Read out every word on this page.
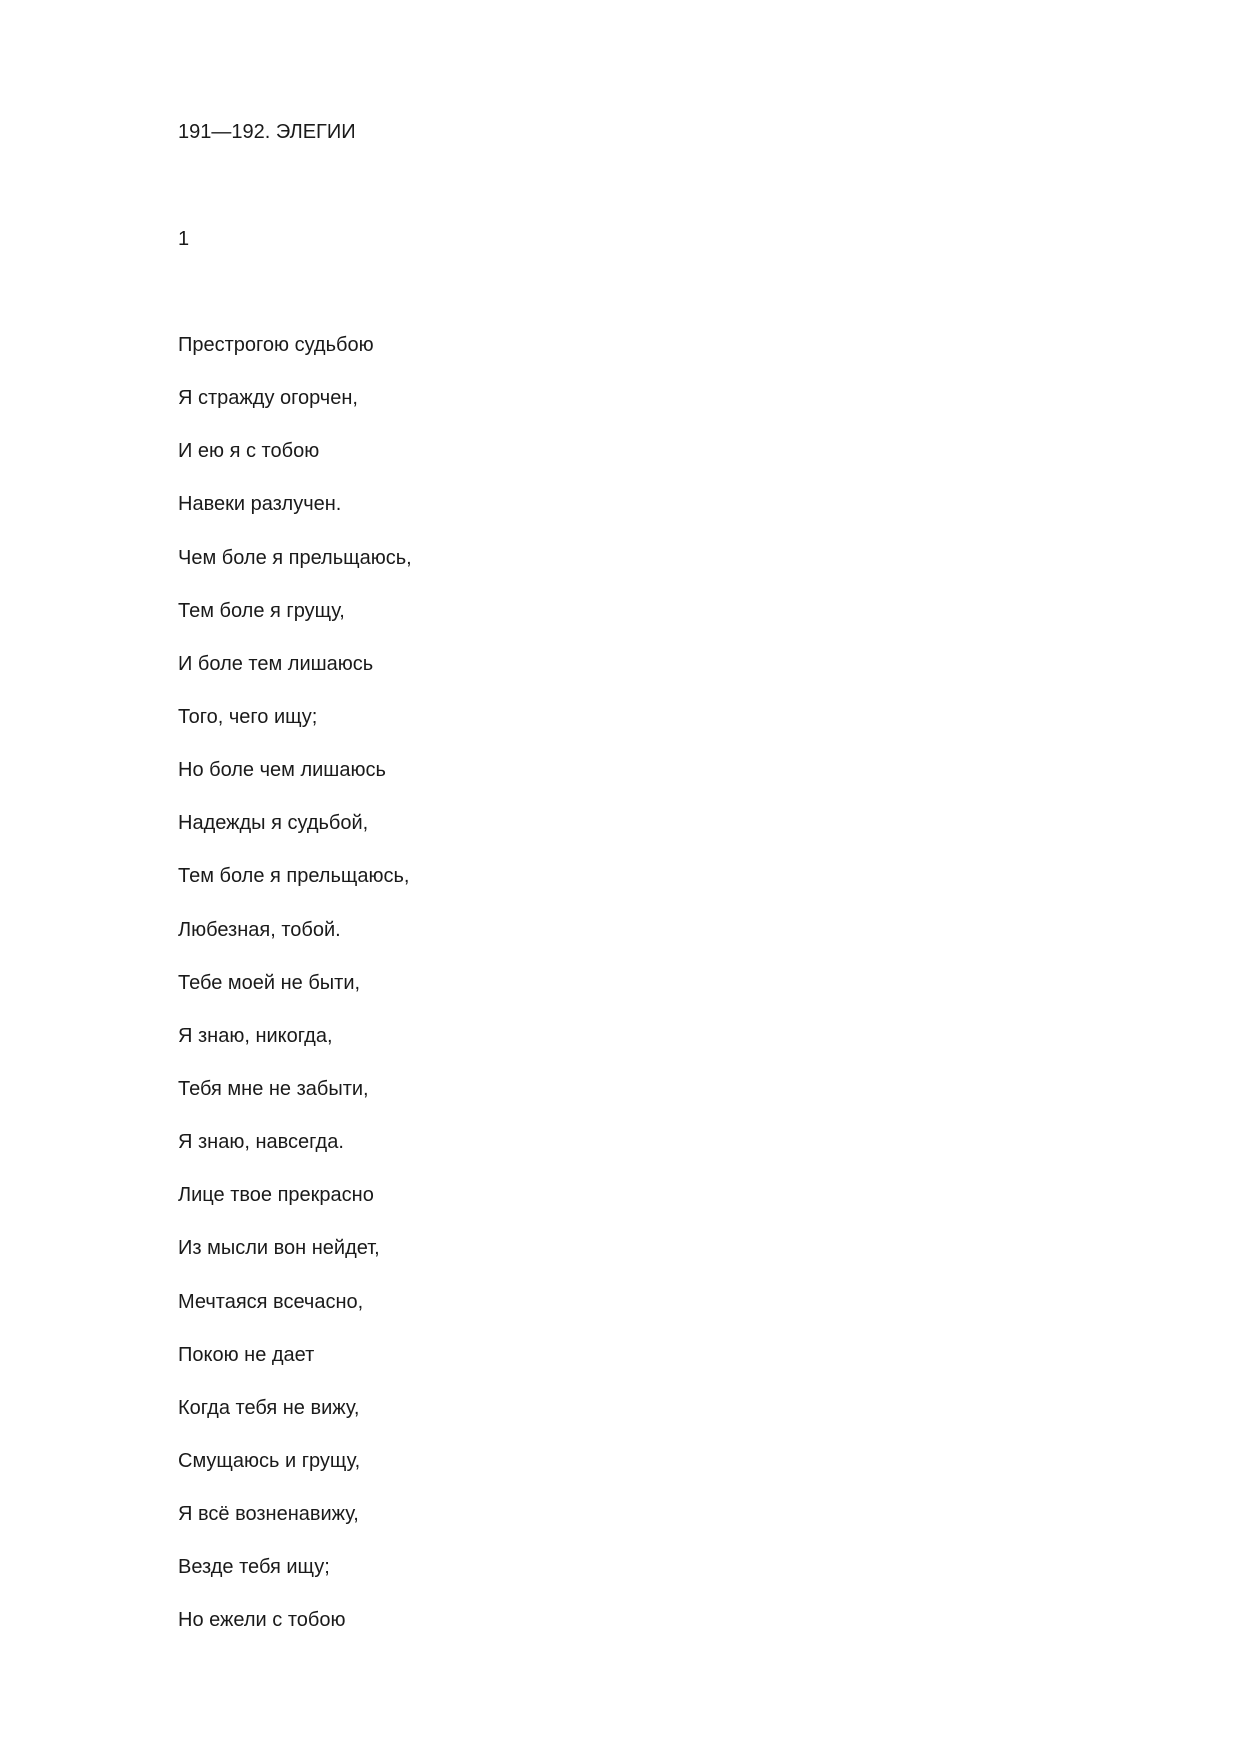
191—192. ЭЛЕГИИ
1
Престрогою судьбою
Я стражду огорчен,
И ею я с тобою
Навеки разлучен.
Чем боле я прельщаюсь,
Тем боле я грущу,
И боле тем лишаюсь
Того, чего ищу;
Но боле чем лишаюсь
Надежды я судьбой,
Тем боле я прельщаюсь,
Любезная, тобой.
Тебе моей не быти,
Я знаю, никогда,
Тебя мне не забыти,
Я знаю, навсегда.
Лице твое прекрасно
Из мысли вон нейдет,
Мечтаяся всечасно,
Покою не дает
Когда тебя не вижу,
Смущаюсь и грущу,
Я всё возненавижу,
Везде тебя ищу;
Но ежели с тобою
